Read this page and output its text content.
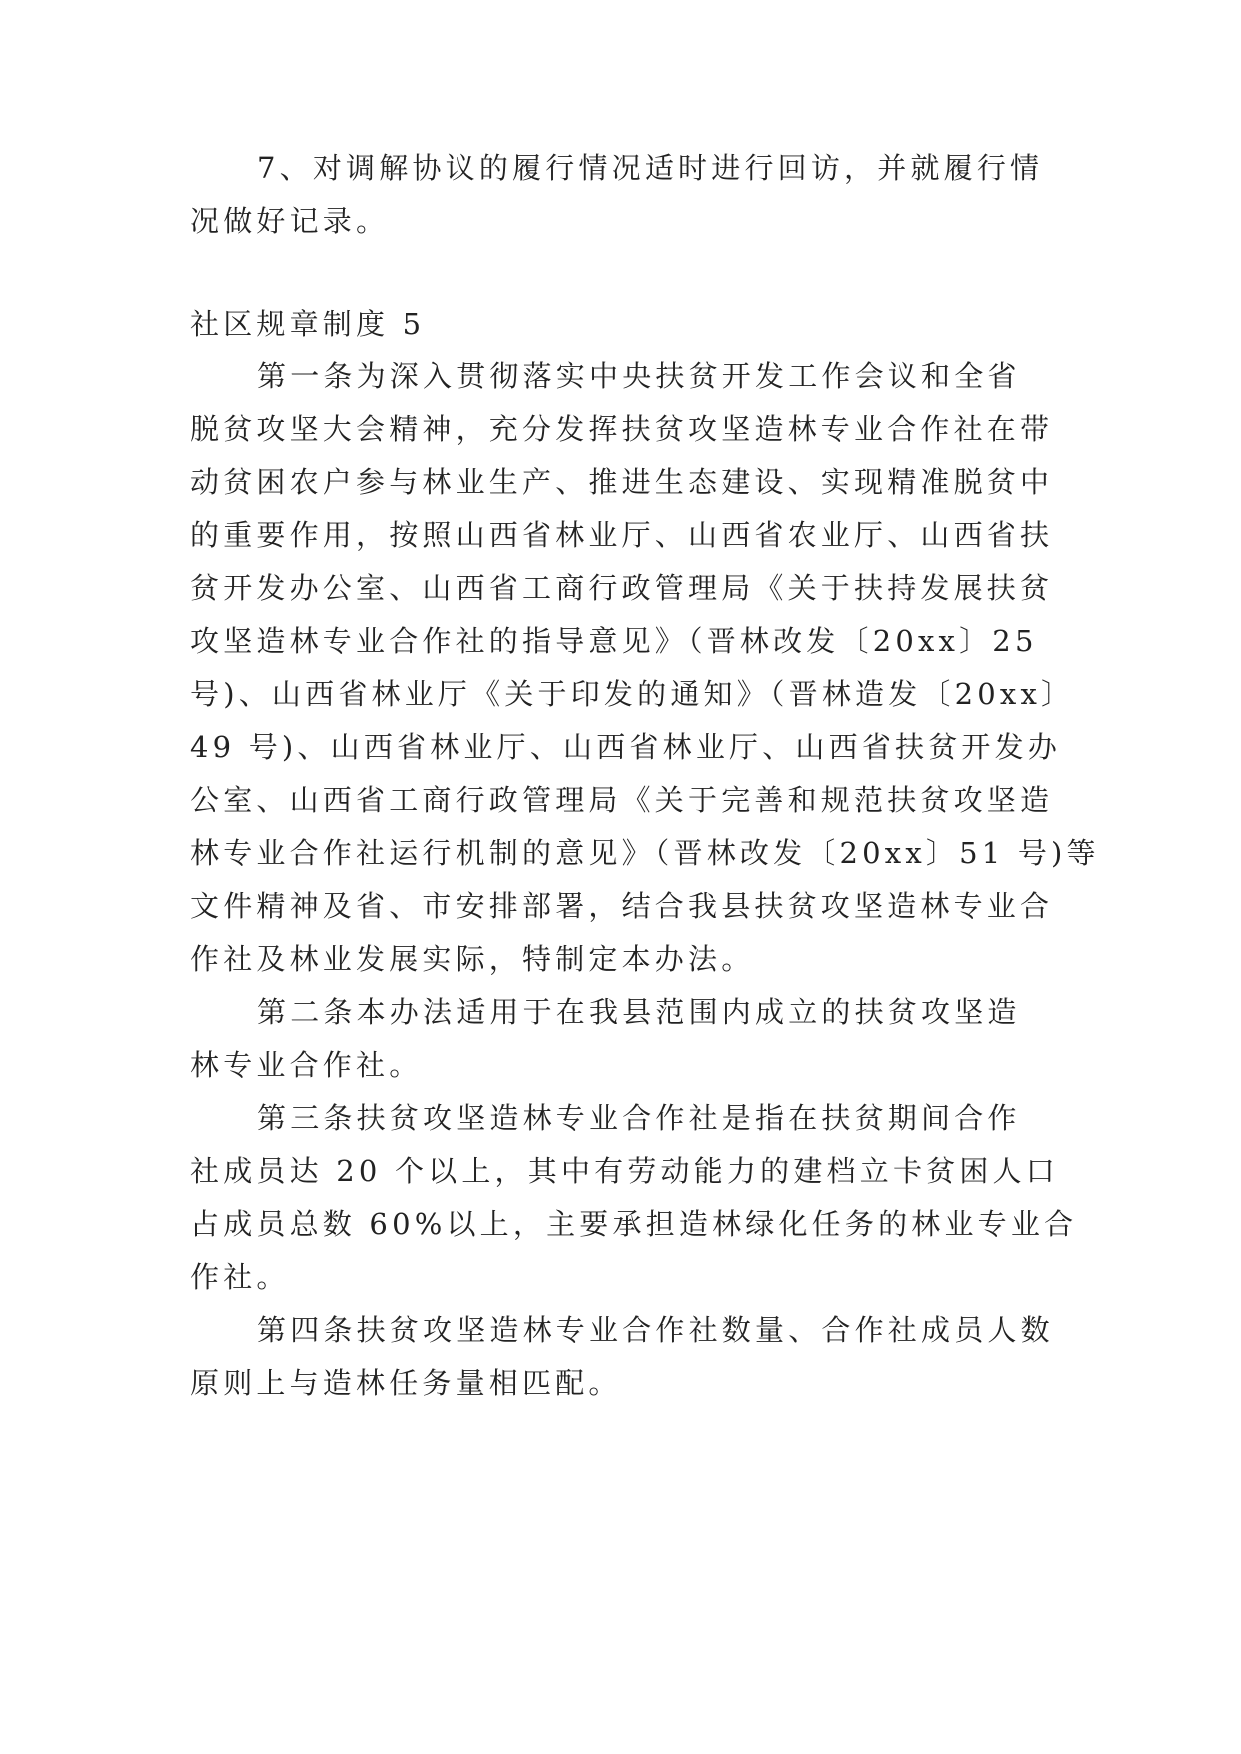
7、对调解协议的履行情况适时进行回访，并就履行情
况做好记录。
社区规章制度 5
第一条为深入贯彻落实中央扶贫开发工作会议和全省
脱贫攻坚大会精神，充分发挥扶贫攻坚造林专业合作社在带
动贫困农户参与林业生产、推进生态建设、实现精准脱贫中
的重要作用，按照山西省林业厅、山西省农业厅、山西省扶
贫开发办公室、山西省工商行政管理局《关于扶持发展扶贫
攻坚造林专业合作社的指导意见》（晋林改发〔20xx〕25
号)、山西省林业厅《关于印发的通知》（晋林造发〔20xx〕
49 号)、山西省林业厅、山西省林业厅、山西省扶贫开发办
公室、山西省工商行政管理局《关于完善和规范扶贫攻坚造
林专业合作社运行机制的意见》（晋林改发〔20xx〕51 号)等
文件精神及省、市安排部署，结合我县扶贫攻坚造林专业合
作社及林业发展实际，特制定本办法。
第二条本办法适用于在我县范围内成立的扶贫攻坚造
林专业合作社。
第三条扶贫攻坚造林专业合作社是指在扶贫期间合作
社成员达 20 个以上，其中有劳动能力的建档立卡贫困人口
占成员总数 60%以上，主要承担造林绿化任务的林业专业合
作社。
第四条扶贫攻坚造林专业合作社数量、合作社成员人数
原则上与造林任务量相匹配。
